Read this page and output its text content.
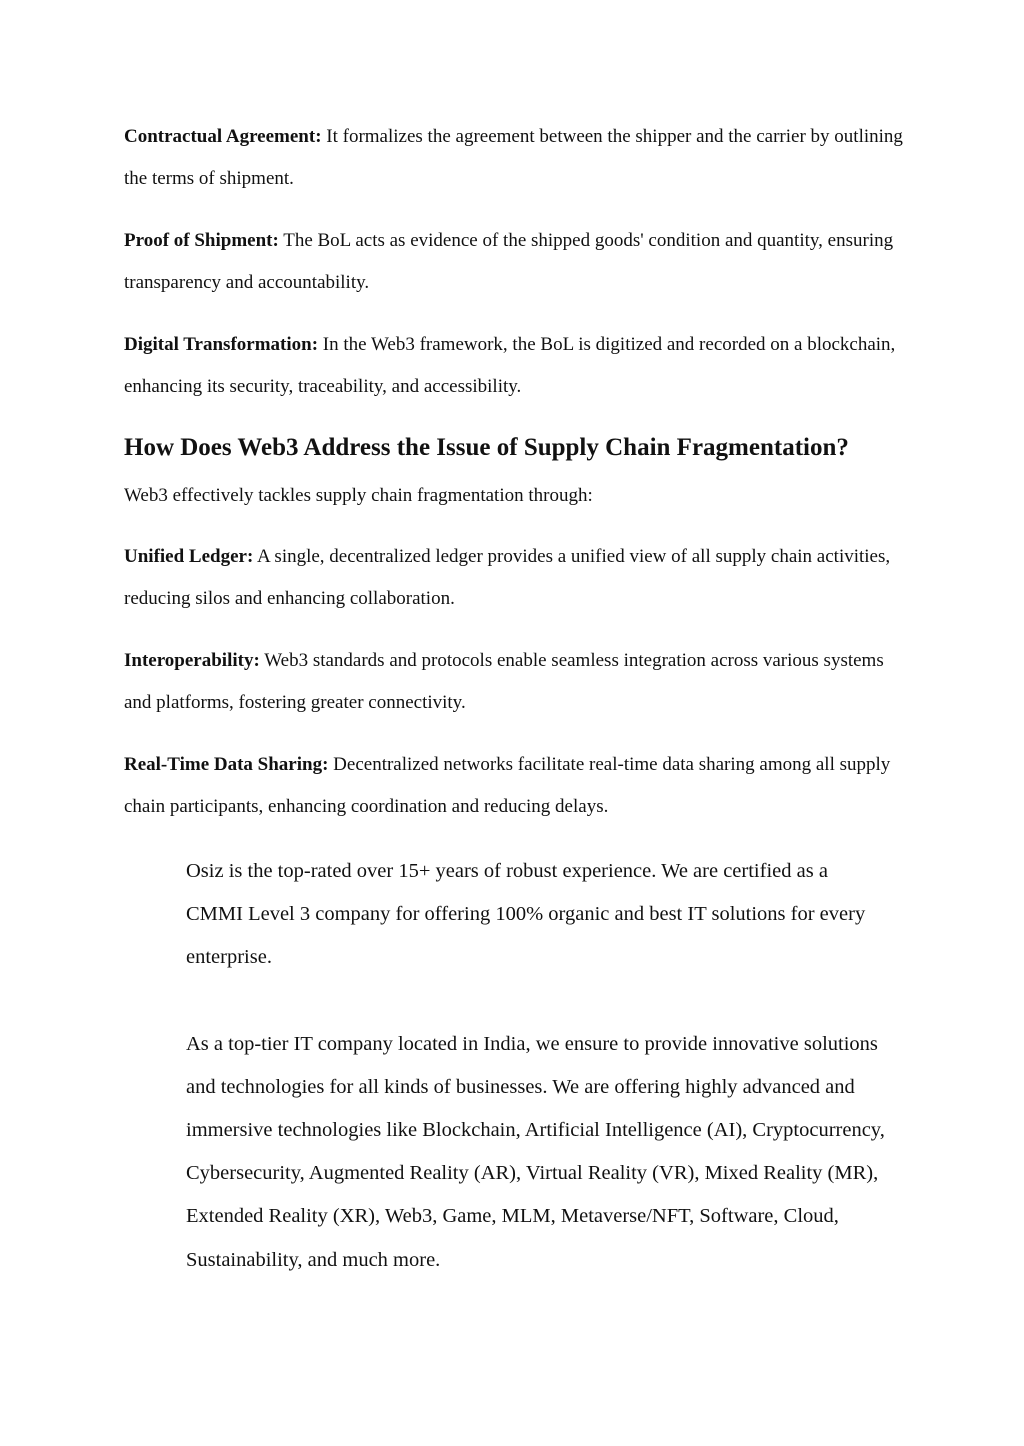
Contractual Agreement: It formalizes the agreement between the shipper and the carrier by outlining the terms of shipment.

Proof of Shipment: The BoL acts as evidence of the shipped goods' condition and quantity, ensuring transparency and accountability.

Digital Transformation: In the Web3 framework, the BoL is digitized and recorded on a blockchain, enhancing its security, traceability, and accessibility.

How Does Web3 Address the Issue of Supply Chain Fragmentation?

Web3 effectively tackles supply chain fragmentation through:

Unified Ledger: A single, decentralized ledger provides a unified view of all supply chain activities, reducing silos and enhancing collaboration.

Interoperability: Web3 standards and protocols enable seamless integration across various systems and platforms, fostering greater connectivity.

Real-Time Data Sharing: Decentralized networks facilitate real-time data sharing among all supply chain participants, enhancing coordination and reducing delays.

Osiz is the top-rated over 15+ years of robust experience. We are certified as a CMMI Level 3 company for offering 100% organic and best IT solutions for every enterprise.

As a top-tier IT company located in India, we ensure to provide innovative solutions and technologies for all kinds of businesses. We are offering highly advanced and immersive technologies like Blockchain, Artificial Intelligence (AI), Cryptocurrency, Cybersecurity, Augmented Reality (AR), Virtual Reality (VR), Mixed Reality (MR), Extended Reality (XR), Web3, Game, MLM, Metaverse/NFT, Software, Cloud, Sustainability, and much more.
